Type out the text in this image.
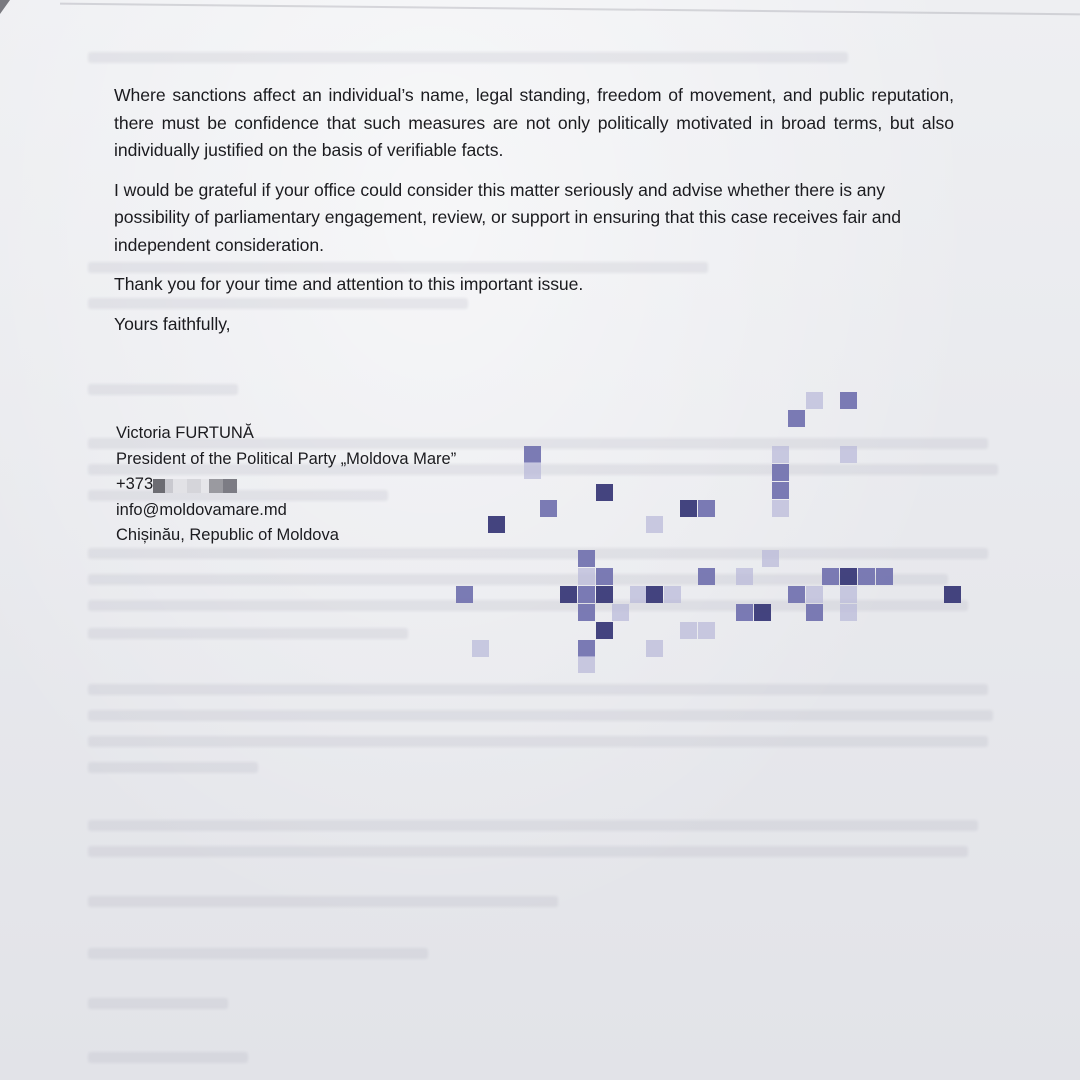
Where sanctions affect an individual’s name, legal standing, freedom of movement, and public reputation, there must be confidence that such measures are not only politically motivated in broad terms, but also individually justified on the basis of verifiable facts.

I would be grateful if your office could consider this matter seriously and advise whether there is any possibility of parliamentary engagement, review, or support in ensuring that this case receives fair and independent consideration.

Thank you for your time and attention to this important issue.

Yours faithfully,

Victoria FURTUNĂ
President of the Political Party „Moldova Mare”
+373
info@moldovamare.md
Chișinău, Republic of Moldova
